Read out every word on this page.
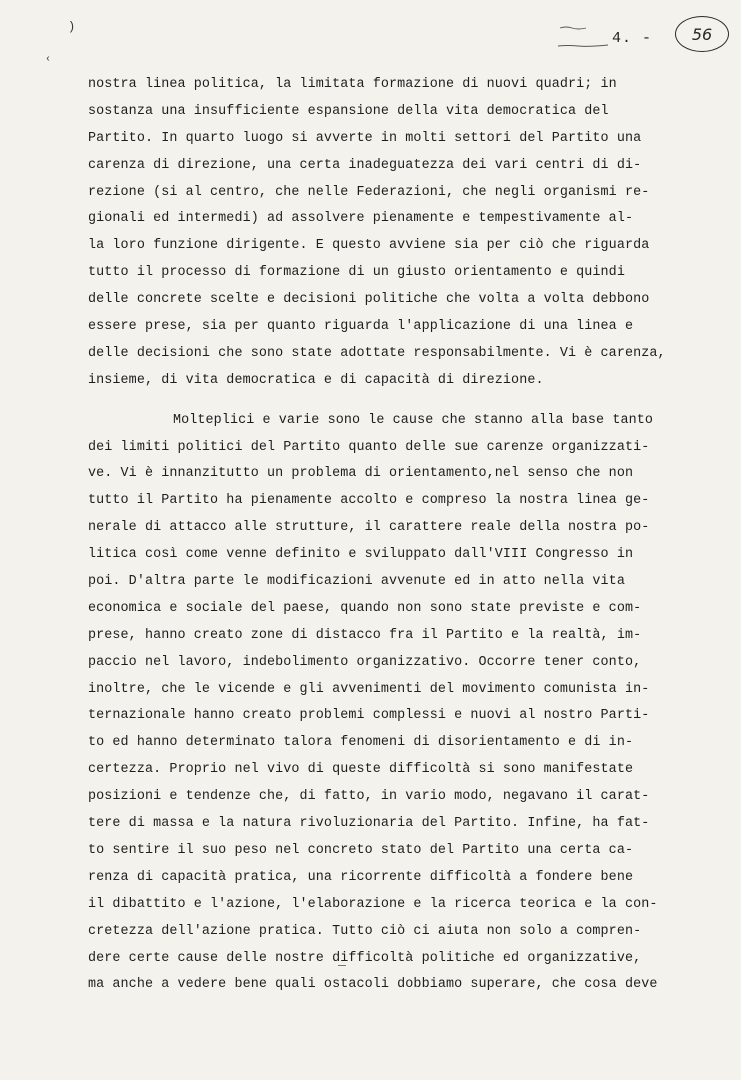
)
‹
4. -	56
nostra linea politica, la limitata formazione di nuovi quadri; in
sostanza una insufficiente espansione della vita democratica del
Partito. In quarto luogo si avverte in molti settori del Partito una
carenza di direzione, una certa inadeguatezza dei vari centri di di-
rezione (si al centro, che nelle Federazioni, che negli organismi re-
gionali ed intermedi) ad assolvere pienamente e tempestivamente al-
la loro funzione dirigente. E questo avviene sia per ciò che riguarda
tutto il processo di formazione di un giusto orientamento e quindi
delle concrete scelte e decisioni politiche che volta a volta debbono
essere prese, sia per quanto riguarda l'applicazione di una linea e
delle decisioni che sono state adottate responsabilmente. Vi è carenza,
insieme, di vita democratica e di capacità di direzione.
Molteplici e varie sono le cause che stanno alla base tanto
dei limiti politici del Partito quanto delle sue carenze organizzati-
ve. Vi è innanzitutto un problema di orientamento,nel senso che non
tutto il Partito ha pienamente accolto e compreso la nostra linea ge-
nerale di attacco alle strutture, il carattere reale della nostra po-
litica così come venne definito e sviluppato dall'VIII Congresso in
poi. D'altra parte le modificazioni avvenute ed in atto nella vita
economica e sociale del paese, quando non sono state previste e com-
prese, hanno creato zone di distacco fra il Partito e la realtà, im-
paccio nel lavoro, indebolimento organizzativo. Occorre tener conto,
inoltre, che le vicende e gli avvenimenti del movimento comunista in-
ternazionale hanno creato problemi complessi e nuovi al nostro Parti-
to ed hanno determinato talora fenomeni di disorientamento e di in-
certezza. Proprio nel vivo di queste difficoltà si sono manifestate
posizioni e tendenze che, di fatto, in vario modo, negavano il carat-
tere di massa e la natura rivoluzionaria del Partito. Infine, ha fat-
to sentire il suo peso nel concreto stato del Partito una certa ca-
renza di capacità pratica, una ricorrente difficoltà a fondere bene
il dibattito e l'azione, l'elaborazione e la ricerca teorica e la con-
cretezza dell'azione pratica. Tutto ciò ci aiuta non solo a compren-
dere certe cause delle nostre difficoltà politiche ed organizzative,
ma anche a vedere bene quali ostacoli dobbiamo superare, che cosa deve
